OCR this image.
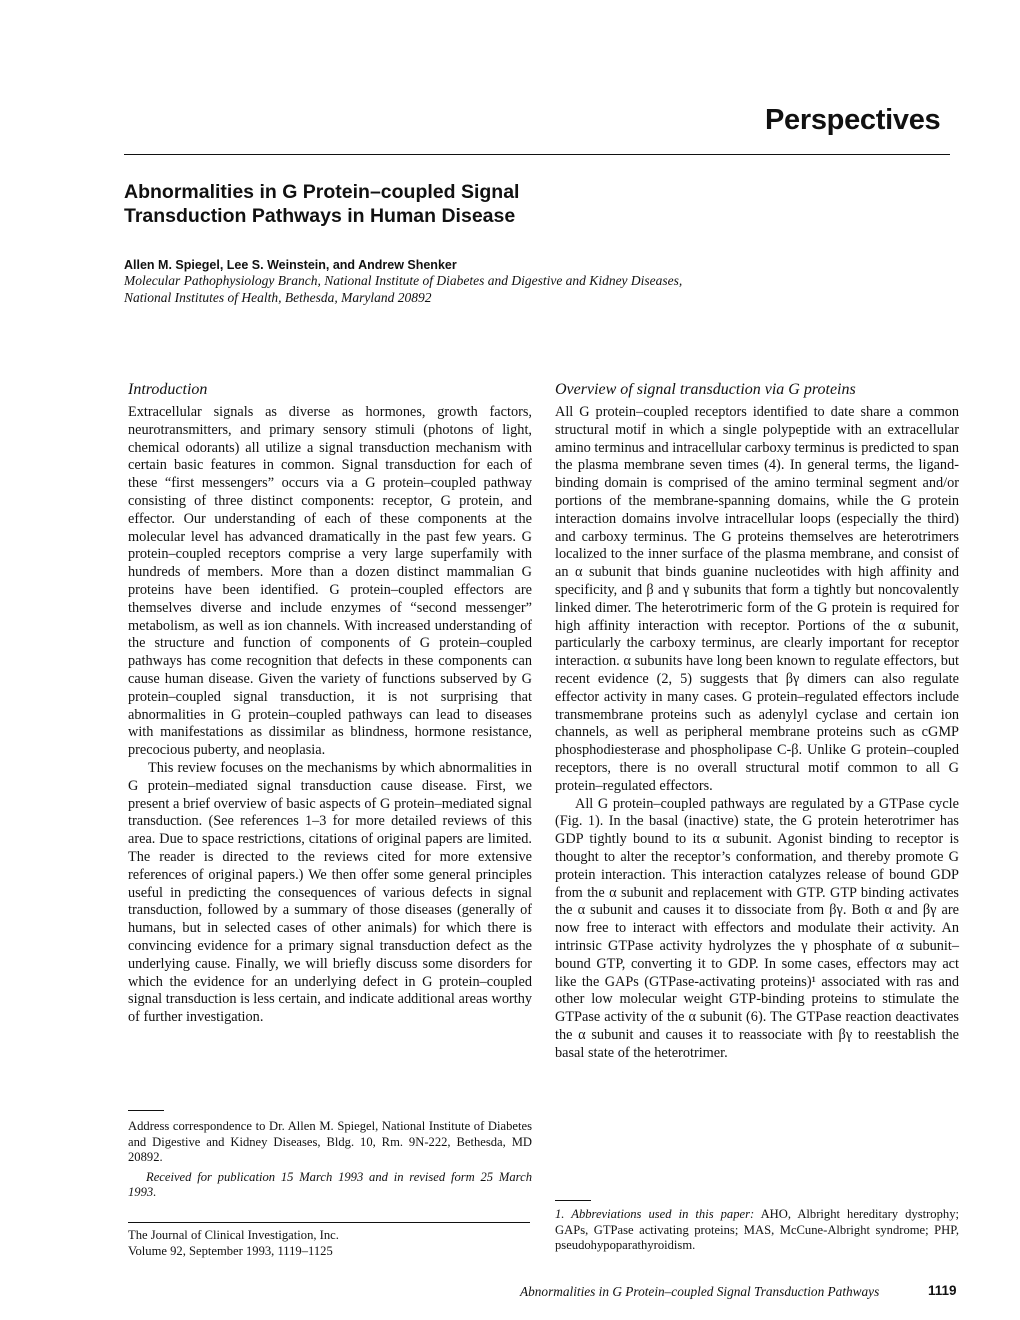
Perspectives
Abnormalities in G Protein–coupled Signal
Transduction Pathways in Human Disease

Allen M. Spiegel, Lee S. Weinstein, and Andrew Shenker

Molecular Pathophysiology Branch, National Institute of Diabetes and Digestive and Kidney Diseases,
National Institutes of Health, Bethesda, Maryland 20892

Introduction

Extracellular signals as diverse as hormones, growth factors, neurotransmitters, and primary sensory stimuli (photons of light, chemical odorants) all utilize a signal transduction mechanism with certain basic features in common. Signal transduction for each of these “first messengers” occurs via a G protein–coupled pathway consisting of three distinct components: receptor, G protein, and effector. Our understanding of each of these components at the molecular level has advanced dramatically in the past few years. G protein–coupled receptors comprise a very large superfamily with hundreds of members. More than a dozen distinct mammalian G proteins have been identified. G protein–coupled effectors are themselves diverse and include enzymes of “second messenger” metabolism, as well as ion channels. With increased understanding of the structure and function of components of G protein–coupled pathways has come recognition that defects in these components can cause human disease. Given the variety of functions subserved by G protein–coupled signal transduction, it is not surprising that abnormalities in G protein–coupled pathways can lead to diseases with manifestations as dissimilar as blindness, hormone resistance, precocious puberty, and neoplasia.

This review focuses on the mechanisms by which abnormalities in G protein–mediated signal transduction cause disease. First, we present a brief overview of basic aspects of G protein–mediated signal transduction. (See references 1–3 for more detailed reviews of this area. Due to space restrictions, citations of original papers are limited. The reader is directed to the reviews cited for more extensive references of original papers.) We then offer some general principles useful in predicting the consequences of various defects in signal transduction, followed by a summary of those diseases (generally of humans, but in selected cases of other animals) for which there is convincing evidence for a primary signal transduction defect as the underlying cause. Finally, we will briefly discuss some disorders for which the evidence for an underlying defect in G protein–coupled signal transduction is less certain, and indicate additional areas worthy of further investigation.

Overview of signal transduction via G proteins

All G protein–coupled receptors identified to date share a common structural motif in which a single polypeptide with an extracellular amino terminus and intracellular carboxy terminus is predicted to span the plasma membrane seven times (4). In general terms, the ligand-binding domain is comprised of the amino terminal segment and/or portions of the membrane-spanning domains, while the G protein interaction domains involve intracellular loops (especially the third) and carboxy terminus. The G proteins themselves are heterotrimers localized to the inner surface of the plasma membrane, and consist of an α subunit that binds guanine nucleotides with high affinity and specificity, and β and γ subunits that form a tightly but noncovalently linked dimer. The heterotrimeric form of the G protein is required for high affinity interaction with receptor. Portions of the α subunit, particularly the carboxy terminus, are clearly important for receptor interaction. α subunits have long been known to regulate effectors, but recent evidence (2, 5) suggests that βγ dimers can also regulate effector activity in many cases. G protein–regulated effectors include transmembrane proteins such as adenylyl cyclase and certain ion channels, as well as peripheral membrane proteins such as cGMP phosphodiesterase and phospholipase C-β. Unlike G protein–coupled receptors, there is no overall structural motif common to all G protein–regulated effectors.

All G protein–coupled pathways are regulated by a GTPase cycle (Fig. 1). In the basal (inactive) state, the G protein heterotrimer has GDP tightly bound to its α subunit. Agonist binding to receptor is thought to alter the receptor’s conformation, and thereby promote G protein interaction. This interaction catalyzes release of bound GDP from the α subunit and replacement with GTP. GTP binding activates the α subunit and causes it to dissociate from βγ. Both α and βγ are now free to interact with effectors and modulate their activity. An intrinsic GTPase activity hydrolyzes the γ phosphate of α subunit–bound GTP, converting it to GDP. In some cases, effectors may act like the GAPs (GTPase-activating proteins)¹ associated with ras and other low molecular weight GTP-binding proteins to stimulate the GTPase activity of the α subunit (6). The GTPase reaction deactivates the α subunit and causes it to reassociate with βγ to reestablish the basal state of the heterotrimer.

Address correspondence to Dr. Allen M. Spiegel, National Institute of Diabetes and Digestive and Kidney Diseases, Bldg. 10, Rm. 9N-222, Bethesda, MD 20892.

Received for publication 15 March 1993 and in revised form 25 March 1993.

The Journal of Clinical Investigation, Inc.
Volume 92, September 1993, 1119–1125

1. Abbreviations used in this paper: AHO, Albright hereditary dystrophy; GAPs, GTPase activating proteins; MAS, McCune-Albright syndrome; PHP, pseudohypoparathyroidism.

Abnormalities in G Protein–coupled Signal Transduction Pathways	1119
